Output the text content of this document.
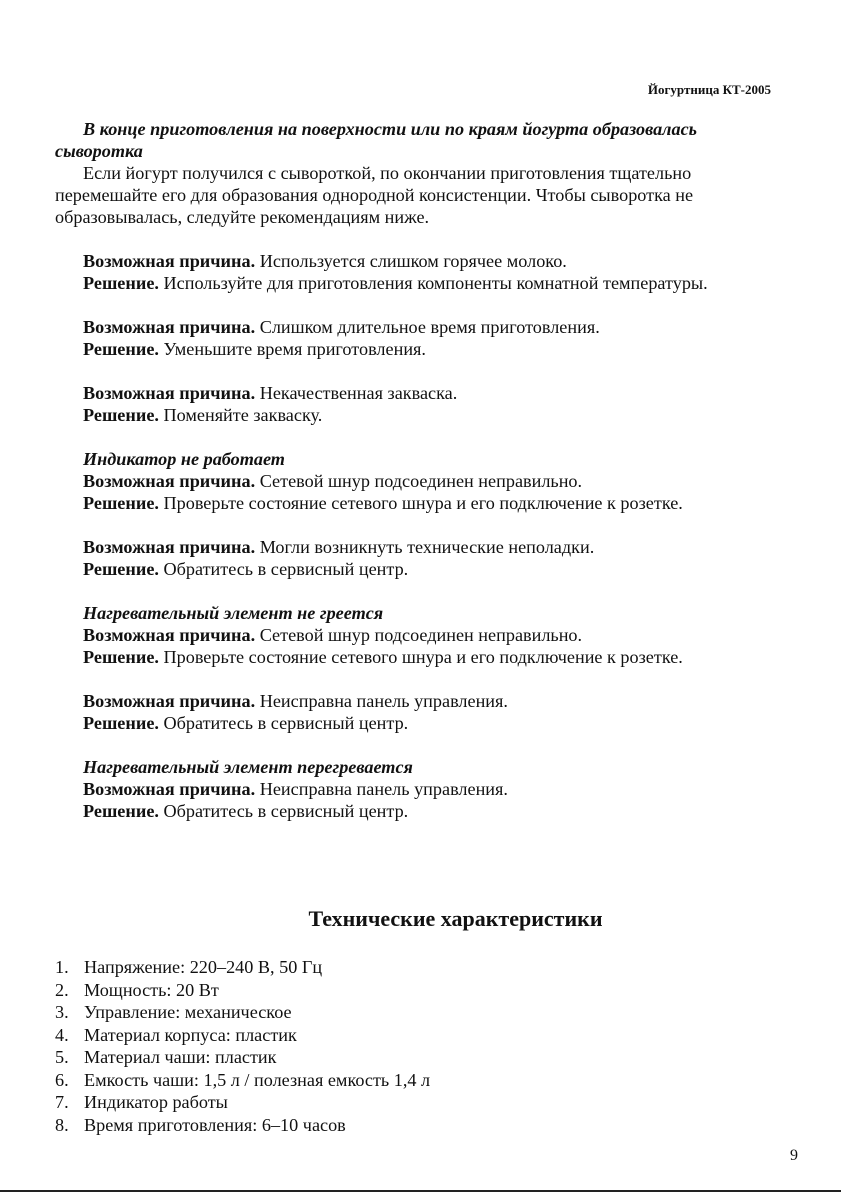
Йогуртница КТ-2005

В конце приготовления на поверхности или по краям йогурта образовалась сыворотка

Если йогурт получился с сывороткой, по окончании приготовления тщательно перемешайте его для образования однородной консистенции. Чтобы сыворотка не образовывалась, следуйте рекомендациям ниже.

Возможная причина. Используется слишком горячее молоко.

Решение. Используйте для приготовления компоненты комнатной температуры.

Возможная причина. Слишком длительное время приготовления.

Решение. Уменьшите время приготовления.

Возможная причина. Некачественная закваска.

Решение. Поменяйте закваску.

Индикатор не работает

Возможная причина. Сетевой шнур подсоединен неправильно.

Решение. Проверьте состояние сетевого шнура и его подключение к розетке.

Возможная причина. Могли возникнуть технические неполадки.

Решение. Обратитесь в сервисный центр.

Нагревательный элемент не греется

Возможная причина. Сетевой шнур подсоединен неправильно.

Решение. Проверьте состояние сетевого шнура и его подключение к розетке.

Возможная причина. Неисправна панель управления.

Решение. Обратитесь в сервисный центр.

Нагревательный элемент перегревается

Возможная причина. Неисправна панель управления.

Решение. Обратитесь в сервисный центр.

Технические характеристики
1. Напряжение: 220–240 В, 50 Гц
2. Мощность: 20 Вт
3. Управление: механическое
4. Материал корпуса: пластик
5. Материал чаши: пластик
6. Емкость чаши: 1,5 л / полезная емкость 1,4 л
7. Индикатор работы
8. Время приготовления: 6–10 часов
9
